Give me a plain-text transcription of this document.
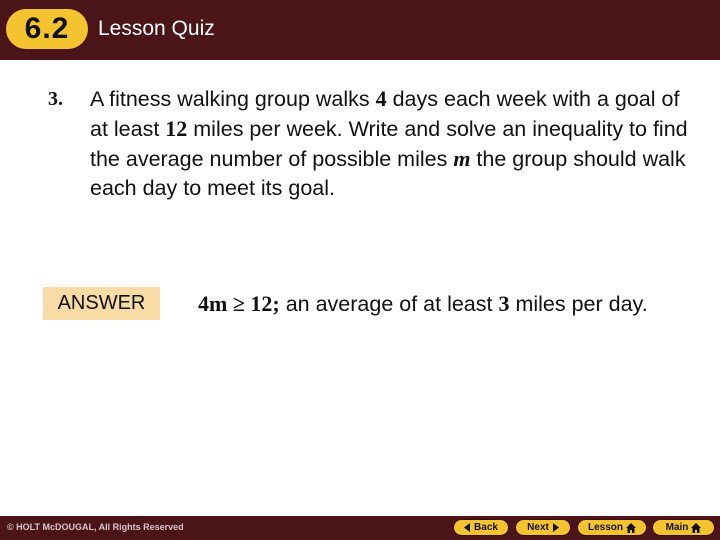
6.2	Lesson Quiz
3. A fitness walking group walks 4 days each week with a goal of at least 12 miles per week. Write and solve an inequality to find the average number of possible miles m the group should walk each day to meet its goal.
ANSWER	4m ≥ 12; an average of at least 3 miles per day.
© HOLT McDOUGAL, All Rights Reserved	Back	Next	Lesson	Main
